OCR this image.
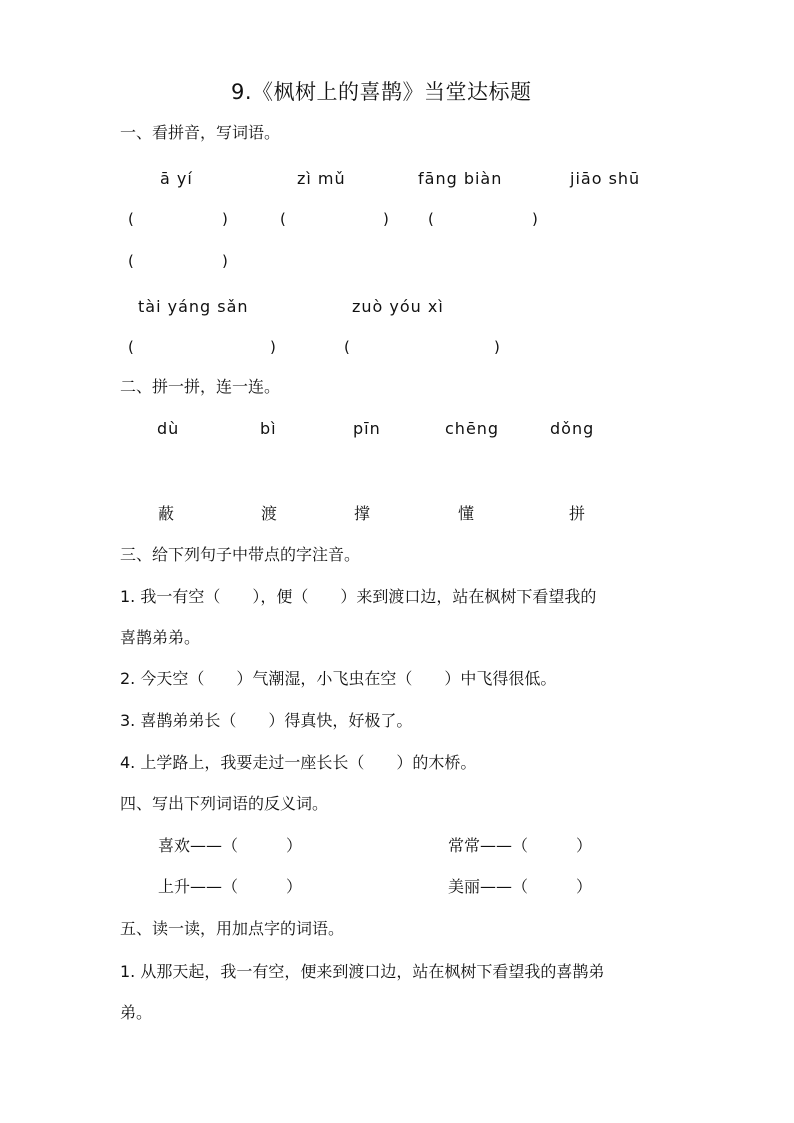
9.《枫树上的喜鹊》当堂达标题
一、看拼音，写词语。
ā yí	zì mǔ	fāng biàn	jiāo shū
(	)	(	)	(	)
(	)
tài yáng sǎn	zuò yóu xì
(	)	(	)
二、拼一拼，连一连。
dù	bì	pīn	chēng	dǒng
蔽	渡	撑	懂	拼
三、给下列句子中带点的字注音。
1. 我一有空（　　），便（　　）来到渡口边，站在枫树下看望我的
喜鹊弟弟。
2. 今天空（　　）气潮湿，小飞虫在空（　　）中飞得很低。
3. 喜鹊弟弟长（　　）得真快，好极了。
4. 上学路上，我要走过一座长长（　　）的木桥。
四、写出下列词语的反义词。
喜欢——（　　　）	常常——（　　　）
上升——（　　　）	美丽——（　　　）
五、读一读，用加点字的词语。
1. 从那天起，我一有空，便来到渡口边，站在枫树下看望我的喜鹊弟
弟。
